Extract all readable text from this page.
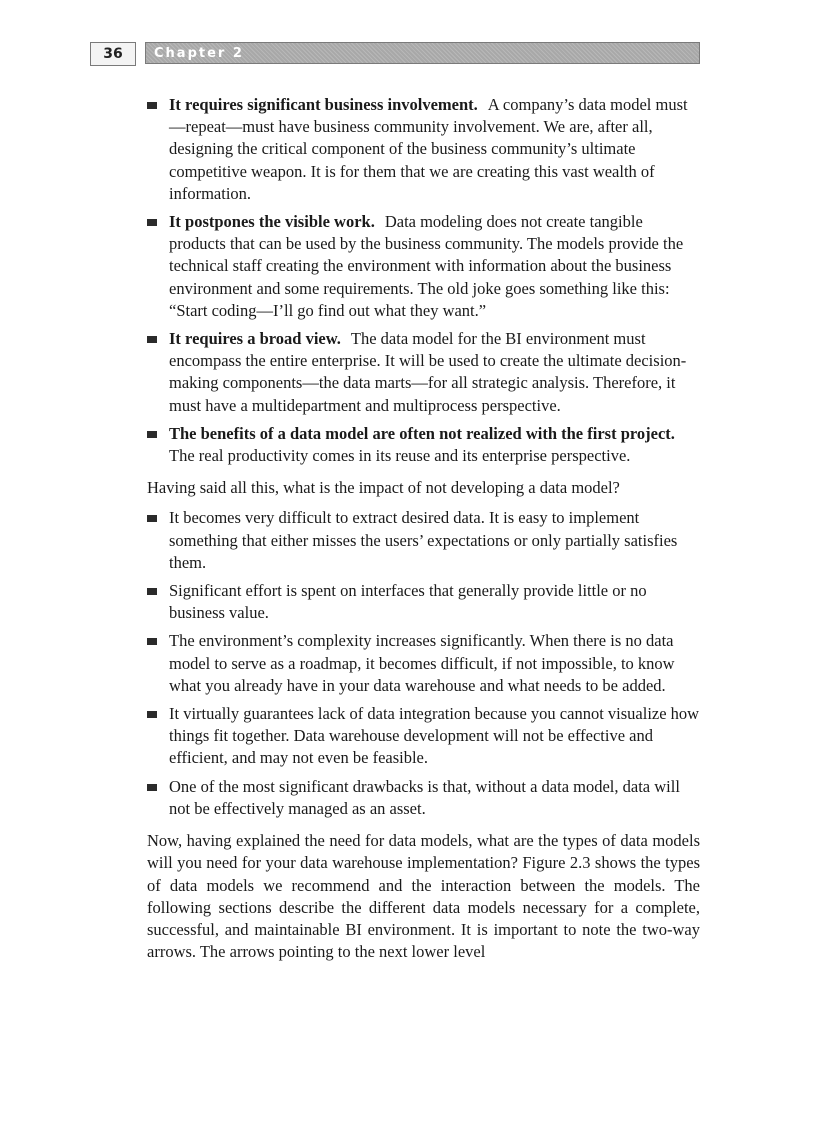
36	Chapter 2
It requires significant business involvement. A company’s data model must—repeat—must have business community involvement. We are, after all, designing the critical component of the business community’s ultimate competitive weapon. It is for them that we are creating this vast wealth of information.
It postpones the visible work. Data modeling does not create tangible products that can be used by the business community. The models provide the technical staff creating the environment with information about the business environment and some requirements. The old joke goes something like this: “Start coding—I’ll go find out what they want.”
It requires a broad view. The data model for the BI environment must encompass the entire enterprise. It will be used to create the ultimate decision-making components—the data marts—for all strategic analysis. Therefore, it must have a multidepartment and multiprocess perspective.
The benefits of a data model are often not realized with the first project.
The real productivity comes in its reuse and its enterprise perspective.

Having said all this, what is the impact of not developing a data model?

It becomes very difficult to extract desired data. It is easy to implement something that either misses the users’ expectations or only partially satisfies them.
Significant effort is spent on interfaces that generally provide little or no business value.
The environment’s complexity increases significantly. When there is no data model to serve as a roadmap, it becomes difficult, if not impossible, to know what you already have in your data warehouse and what needs to be added.
It virtually guarantees lack of data integration because you cannot visualize how things fit together. Data warehouse development will not be effective and efficient, and may not even be feasible.
One of the most significant drawbacks is that, without a data model, data will not be effectively managed as an asset.

Now, having explained the need for data models, what are the types of data models will you need for your data warehouse implementation? Figure 2.3 shows the types of data models we recommend and the interaction between the models. The following sections describe the different data models necessary for a complete, successful, and maintainable BI environment. It is important to note the two-way arrows. The arrows pointing to the next lower level
